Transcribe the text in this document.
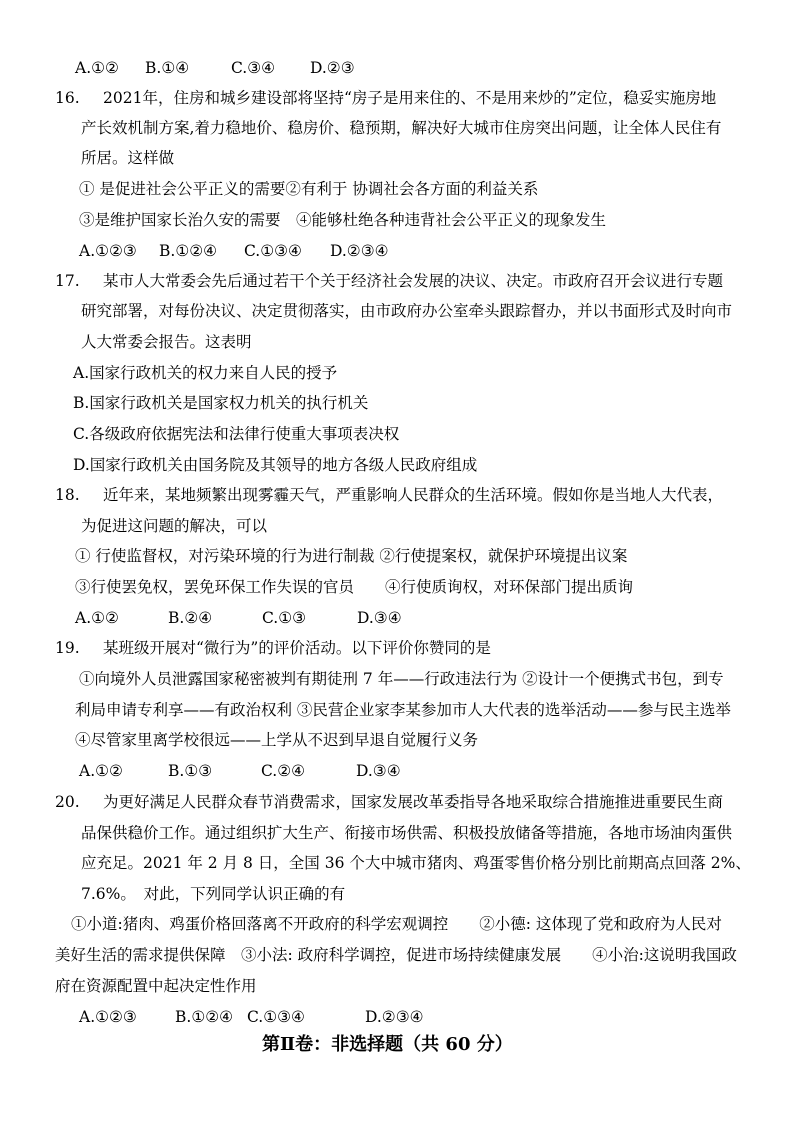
A.①② B.①④	C.③④ D.②③
16. 2021年，住房和城乡建设部将坚持“房子是用来住的、不是用来炒的”定位，稳妥实施房地
产长效机制方案,着力稳地价、稳房价、稳预期，解决好大城市住房突出问题，让全体人民住有
所居。这样做
① 是促进社会公平正义的需要②有利于 协调社会各方面的利益关系
③是维护国家长治久安的需要　④能够杜绝各种违背社会公平正义的现象发生
A.①②③ B.①②④ C.①③④ D.②③④
17. 某市人大常委会先后通过若干个关于经济社会发展的决议、决定。市政府召开会议进行专题
研究部署，对每份决议、决定贯彻落实，由市政府办公室牵头跟踪督办，并以书面形式及时向市
人大常委会报告。这表明
A.国家行政机关的权力来自人民的授予
B.国家行政机关是国家权力机关的执行机关
C.各级政府依据宪法和法律行使重大事项表决权
D.国家行政机关由国务院及其领导的地方各级人民政府组成
18. 近年来，某地频繁出现雾霾天气，严重影响人民群众的生活环境。假如你是当地人大代表，
为促进这问题的解决，可以
① 行使监督权，对污染环境的行为进行制裁 ②行使提案权，就保护环境提出议案
③行使罢免权，罢免环保工作失误的官员　　④行使质询权，对环保部门提出质询
A.①②	B.②④	C.①③	D.③④
19. 某班级开展对“微行为”的评价活动。以下评价你赞同的是
①向境外人员泄露国家秘密被判有期徒刑 7 年——行政违法行为 ②设计一个便携式书包，到专
利局申请专利享——有政治权利 ③民营企业家李某参加市人大代表的选举活动——参与民主选举
④尽管家里离学校很远——上学从不迟到早退自觉履行义务
A.①②	B.①③	C.②④	D.③④
20. 为更好满足人民群众春节消费需求，国家发展改革委指导各地采取综合措施推进重要民生商
品保供稳价工作。通过组织扩大生产、衔接市场供需、积极投放储备等措施，各地市场油肉蛋供
应充足。2021 年 2 月 8 日，全国 36 个大中城市猪肉、鸡蛋零售价格分别比前期高点回落 2%、
7.6%。　对此，下列同学认识正确的有
①小道:猪肉、鸡蛋价格回落离不开政府的科学宏观调控　　②小德: 这体现了党和政府为人民对
美好生活的需求提供保障　③小法: 政府科学调控，促进市场持续健康发展　　④小治:这说明我国政
府在资源配置中起决定性作用
A.①②③ B.①②④ C.①③④	D.②③④
第Ⅱ卷：非选择题（共 60 分）
